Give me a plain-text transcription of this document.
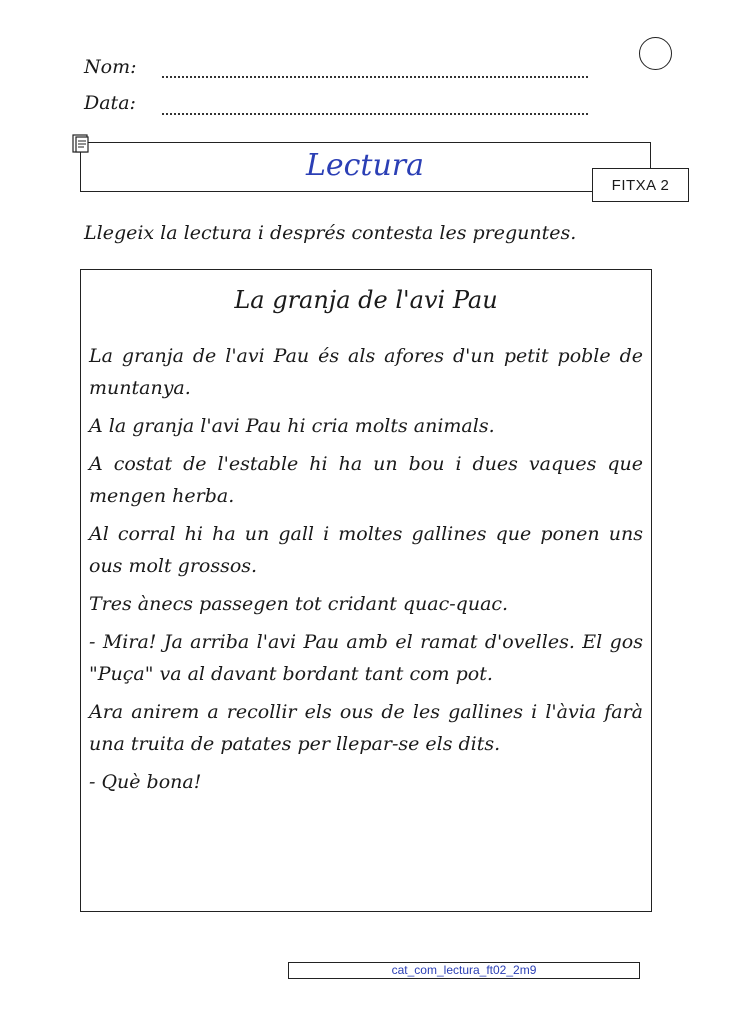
Nom:
Data:
Lectura
FITXA 2
Llegeix la lectura i després contesta les preguntes.
La granja de l'avi Pau

La granja de l'avi Pau és als afores d'un petit poble de muntanya.

A la granja l'avi Pau hi cria molts animals.

A costat de l'estable hi ha un bou i dues vaques que mengen herba.

Al corral hi ha un gall i moltes gallines que ponen uns ous molt grossos.

Tres ànecs passegen tot cridant quac-quac.

- Mira! Ja arriba l'avi Pau amb el ramat d'ovelles. El gos "Puça" va al davant bordant tant com pot.

Ara anirem a recollir els ous de les gallines i l'àvia farà una truita de patates per llepar-se els dits.

- Què bona!

cat_com_lectura_ft02_2m9
